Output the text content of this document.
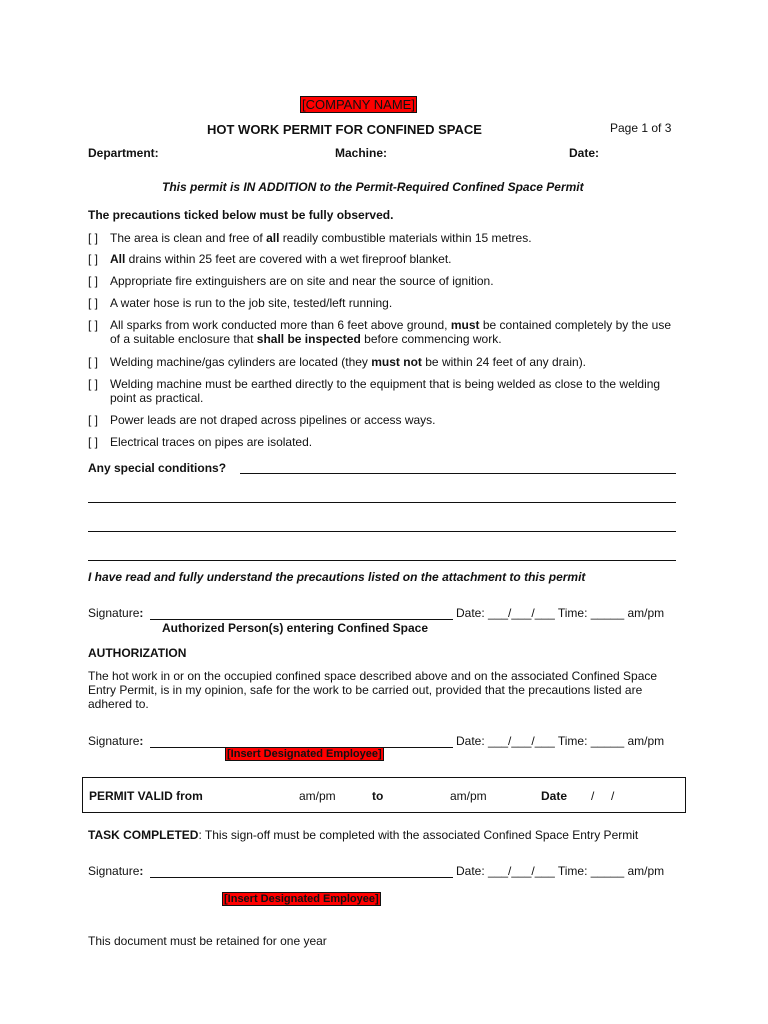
[COMPANY NAME]
HOT WORK PERMIT FOR CONFINED SPACE	Page 1 of 3
Department:	Machine:	Date:
This permit is IN ADDITION to the Permit-Required Confined Space Permit
The precautions ticked below must be fully observed.
[ ] The area is clean and free of all readily combustible materials within 15 metres.
[ ] All drains within 25 feet are covered with a wet fireproof blanket.
[ ] Appropriate fire extinguishers are on site and near the source of ignition.
[ ] A water hose is run to the job site, tested/left running.
[ ] All sparks from work conducted more than 6 feet above ground, must be contained completely by the use of a suitable enclosure that shall be inspected before commencing work.
[ ] Welding machine/gas cylinders are located (they must not be within 24 feet of any drain).
[ ] Welding machine must be earthed directly to the equipment that is being welded as close to the welding point as practical.
[ ] Power leads are not draped across pipelines or access ways.
[ ] Electrical traces on pipes are isolated.
Any special conditions?
I have read and fully understand the precautions listed on the attachment to this permit
Signature:	Date: ___/___/___ Time: _____ am/pm
Authorized Person(s) entering Confined Space
AUTHORIZATION
The hot work in or on the occupied confined space described above and on the associated Confined Space Entry Permit, is in my opinion, safe for the work to be carried out, provided that the precautions listed are adhered to.
Signature:	Date: ___/___/___ Time: _____ am/pm
[Insert Designated Employee]
PERMIT VALID from	am/pm	to	am/pm	Date /     /
TASK COMPLETED: This sign-off must be completed with the associated Confined Space Entry Permit
Signature:	Date: ___/___/___ Time: _____ am/pm
[Insert Designated Employee]
This document must be retained for one year
